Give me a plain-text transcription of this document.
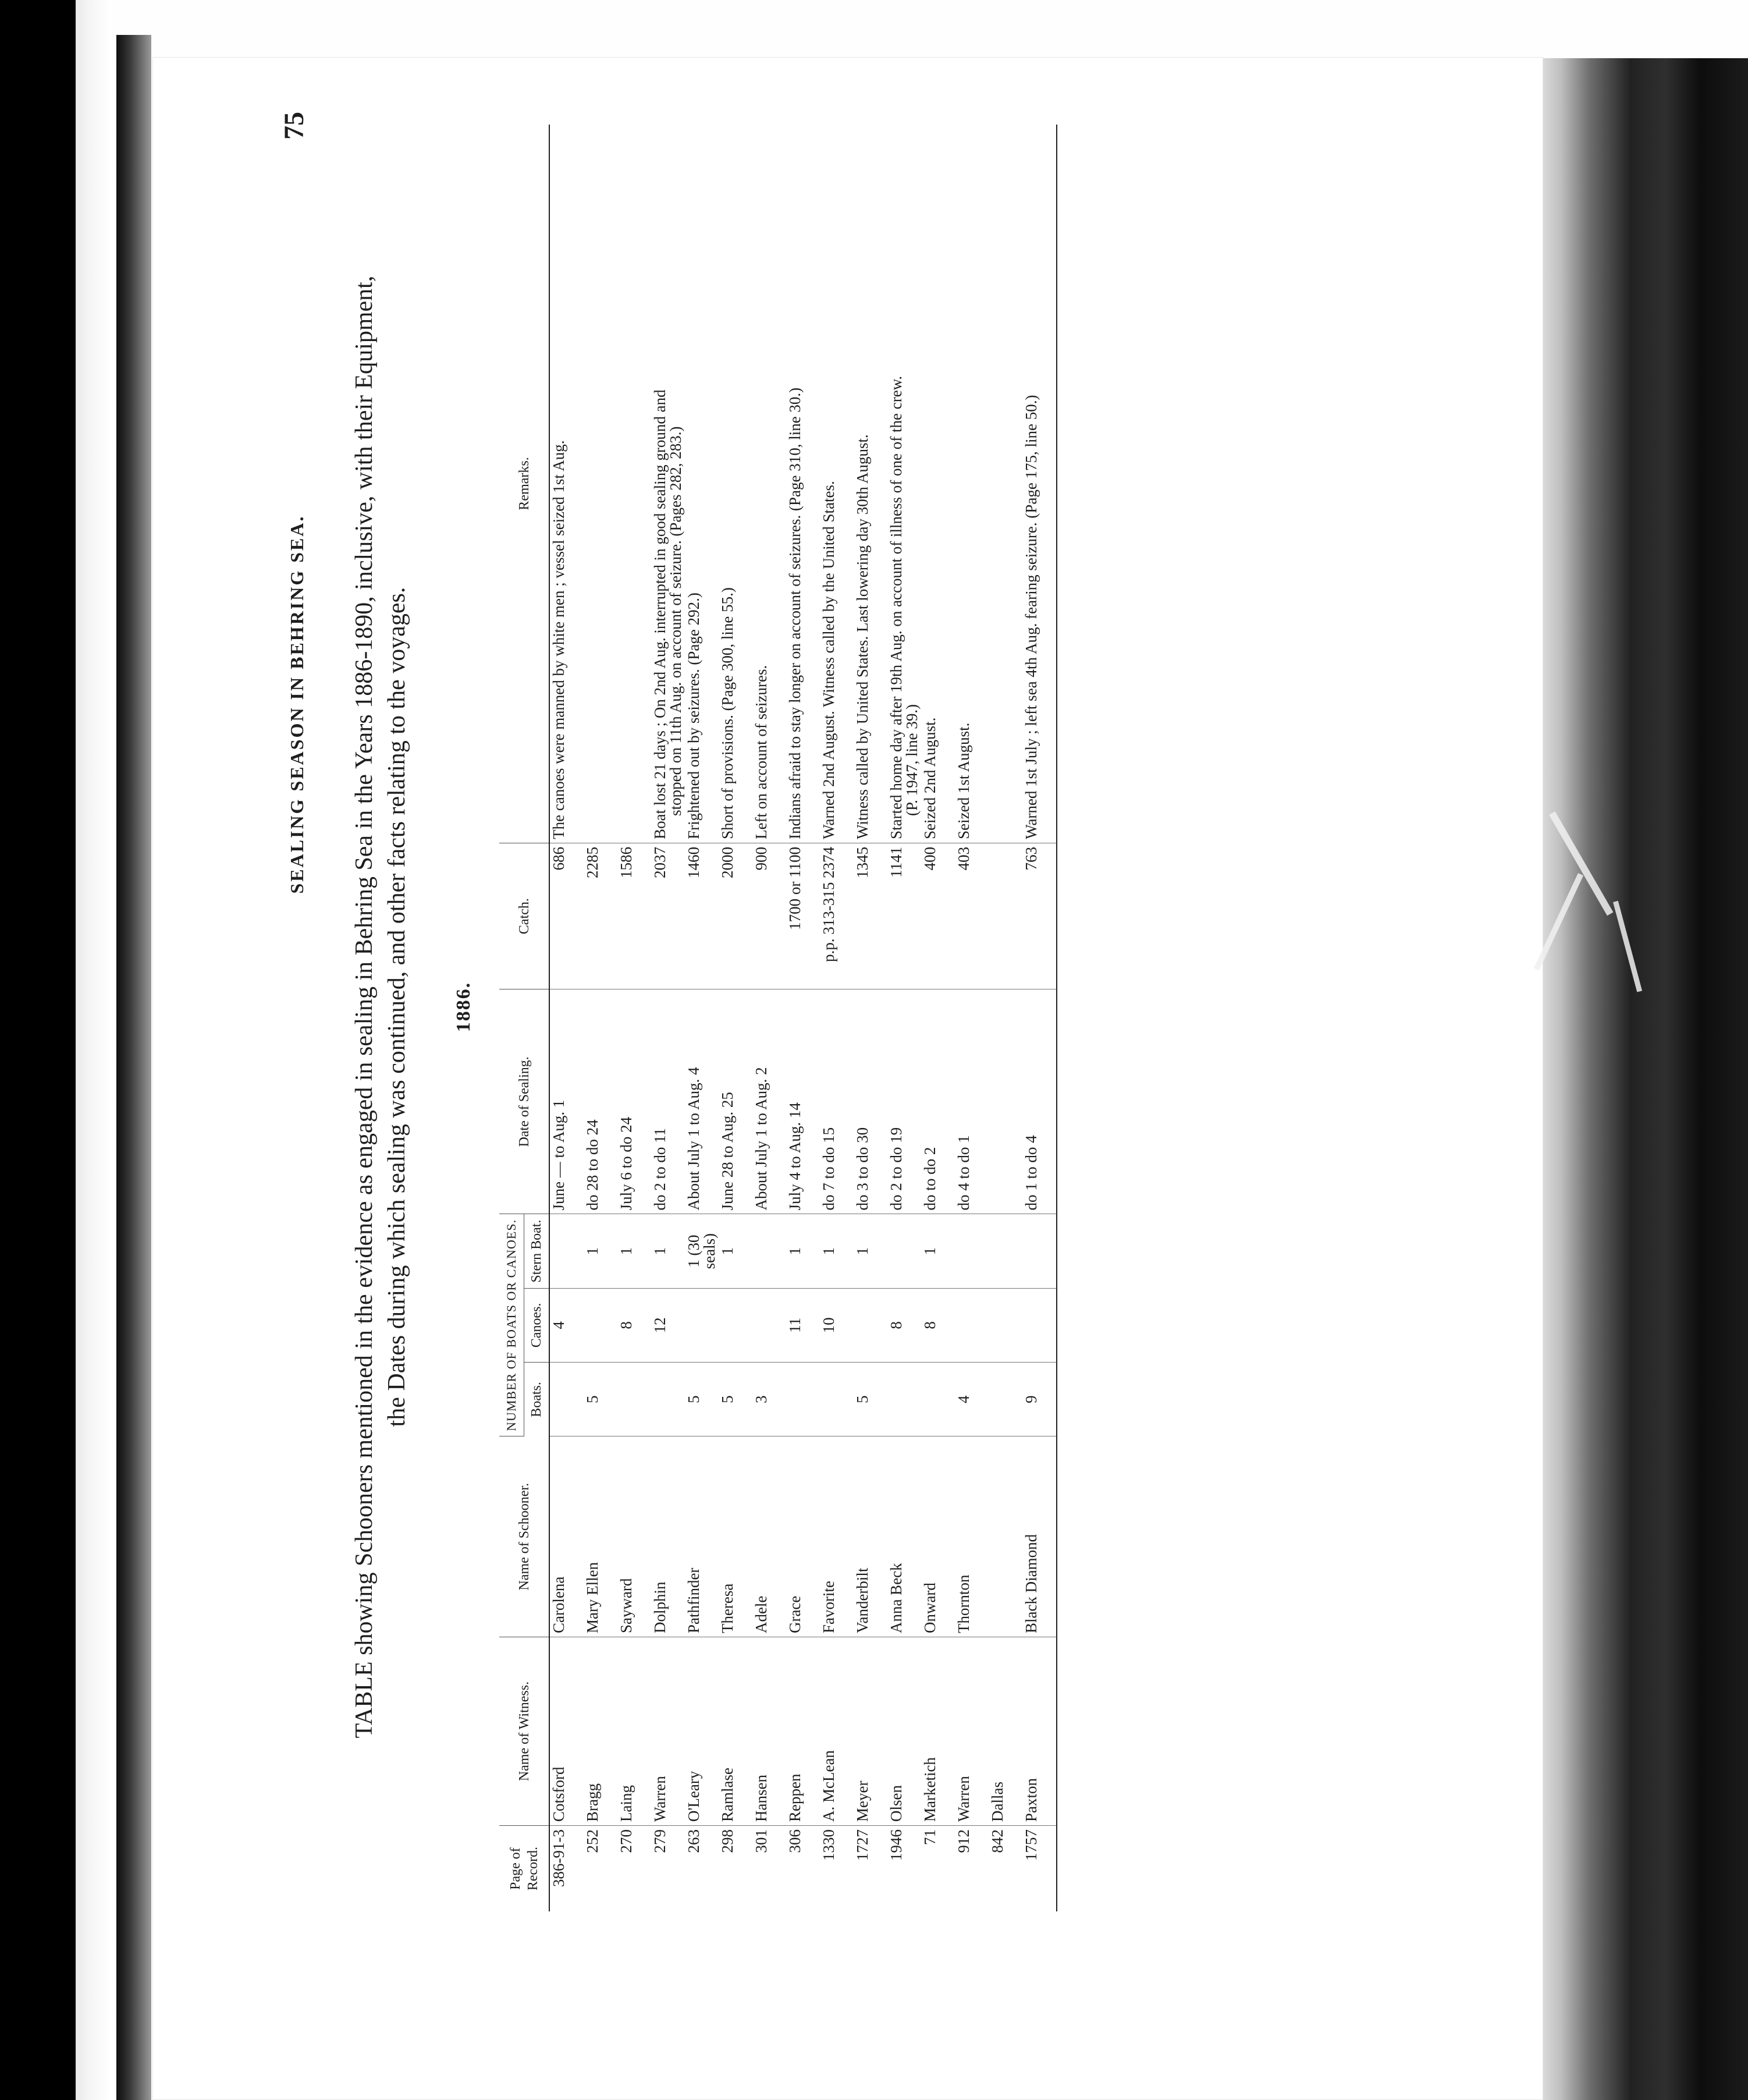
SEALING SEASON IN BEHRING SEA.
75
TABLE showing Schooners mentioned in the evidence as engaged in sealing in Behring Sea in the Years 1886-1890, inclusive, with their Equipment, the Dates during which sealing was continued, and other facts relating to the voyages. 1886.
Page of Record.	Name of Witness.	Name of Schooner.	NUMBER OF BOATS OR CANOES.			Date of Sealing.	Catch.	Remarks.
			Boats.	Canoes.	Stern Boat.			
386-91-3	Cotsford	Carolena		4		June — to Aug. 1	686	The canoes were manned by white men ; vessel seized 1st Aug.

252	Bragg	Mary Ellen	5		1	do 28 to do 24	2285	

270	Laing	Sayward		8	1	July 6 to do 24	1586	

279	Warren	Dolphin		12	1	do 2 to do 11	2037	Boat lost 21 days ; On 2nd Aug. interrupted in good sealing ground and
stopped on 11th Aug. on account of seizure. (Pages 282, 283.)

263	O'Leary	Pathfinder	5		1 (30 seals)	About July 1 to Aug. 4	1460	Frightened out by seizures. (Page 292.)

298	Ramlase	Theresa	5		1	June 28 to Aug. 25	2000	Short of provisions. (Page 300, line 55.)

301	Hansen	Adele	3			About July 1 to Aug. 2	900	Left on account of seizures.

306	Reppen	Grace		11	1	July 4 to Aug. 14	1700 or 1100	Indians afraid to stay longer on account of seizures. (Page 310, line 30.)

1330	A. McLean	Favorite		10	1	do 7 to do 15	p.p. 313-315 2374	Warned 2nd August. Witness called by the United States.

1727	Meyer	Vanderbilt	5		1	do 3 to do 30	1345	Witness called by United States. Last lowering day 30th August.

1946	Olsen	Anna Beck		8		do 2 to do 19	1141	Started home day after 19th Aug. on account of illness of one of the crew.
(P. 1947, line 39.)

71	Marketich	Onward		8	1	do to do 2	400	Seized 2nd August.

912	Warren	Thornton	4			do 4 to do 1	403	Seized 1st August.

842	Dallas							

1757	Paxton	Black Diamond	9			do 1 to do 4	763	Warned 1st July ; left sea 4th Aug. fearing seizure. (Page 175, line 50.)
